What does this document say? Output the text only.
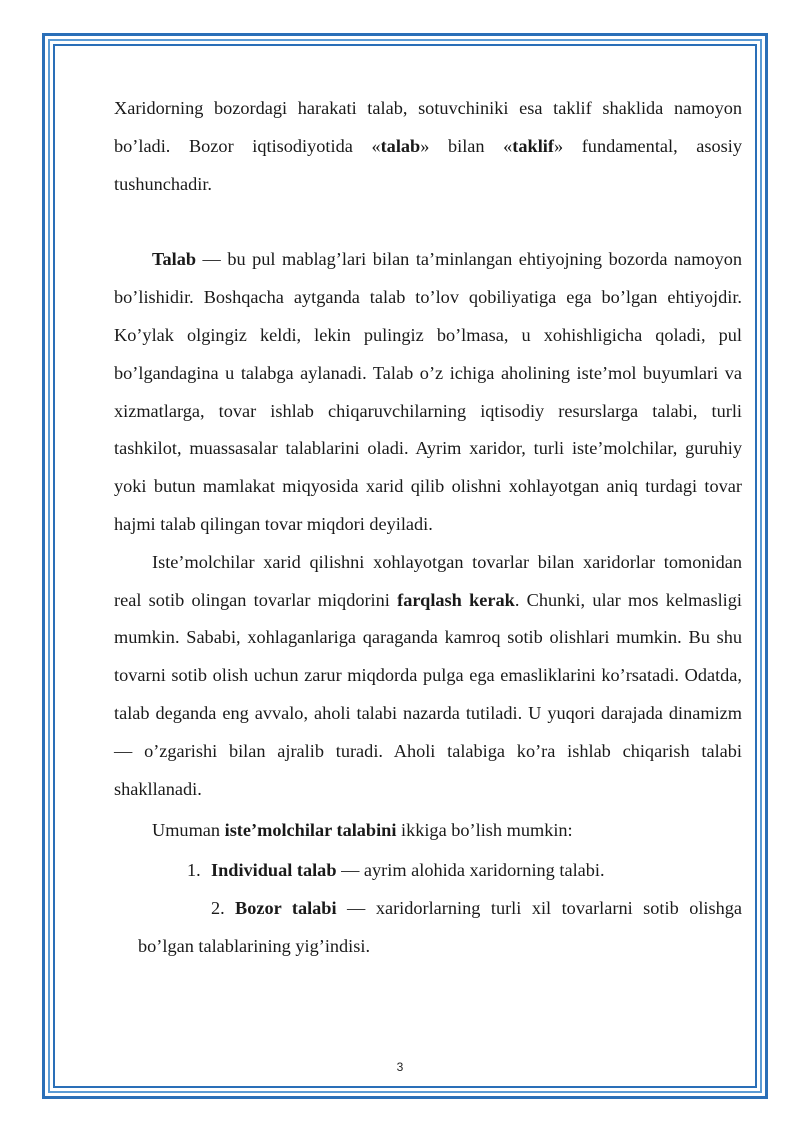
Xaridorning bozordagi harakati talab, sotuvchiniki esa taklif shaklida namoyon bo’ladi. Bozor iqtisodiyotida «talab» bilan «taklif» fundamental, asosiy tushunchadir.

Talab — bu pul mablag’lari bilan ta’minlangan ehtiyojning bozorda namoyon bo’lishidir. Boshqacha aytganda talab to’lov qobiliyatiga ega bo’lgan ehtiyojdir. Ko’ylak olgingiz keldi, lekin pulingiz bo’lmasa, u xohishligicha qoladi, pul bo’lgandagina u talabga aylanadi. Talab o’z ichiga aholining iste’mol buyumlari va xizmatlarga, tovar ishlab chiqaruvchilarning iqtisodiy resurslarga talabi, turli tashkilot, muassasalar talablarini oladi. Ayrim xaridor, turli iste’molchilar, guruhiy yoki butun mamlakat miqyosida xarid qilib olishni xohlayotgan aniq turdagi tovar hajmi talab qilingan tovar miqdori deyiladi.

Iste’molchilar xarid qilishni xohlayotgan tovarlar bilan xaridorlar tomonidan real sotib olingan tovarlar miqdorini farqlash kerak. Chunki, ular mos kelmasligi mumkin. Sababi, xohlaganlariga qaraganda kamroq sotib olishlari mumkin. Bu shu tovarni sotib olish uchun zarur miqdorda pulga ega emasliklarini ko’rsatadi. Odatda, talab deganda eng avvalo, aholi talabi nazarda tutiladi. U yuqori darajada dinamizm — o’zgarishi bilan ajralib turadi. Aholi talabiga ko’ra ishlab chiqarish talabi shakllanadi.

Umuman iste’molchilar talabini ikkiga bo’lish mumkin:

1. Individual talab — ayrim alohida xaridorning talabi.

2. Bozor talabi — xaridorlarning turli xil tovarlarni sotib olishga bo’lgan talablarining yig’indisi.

3
